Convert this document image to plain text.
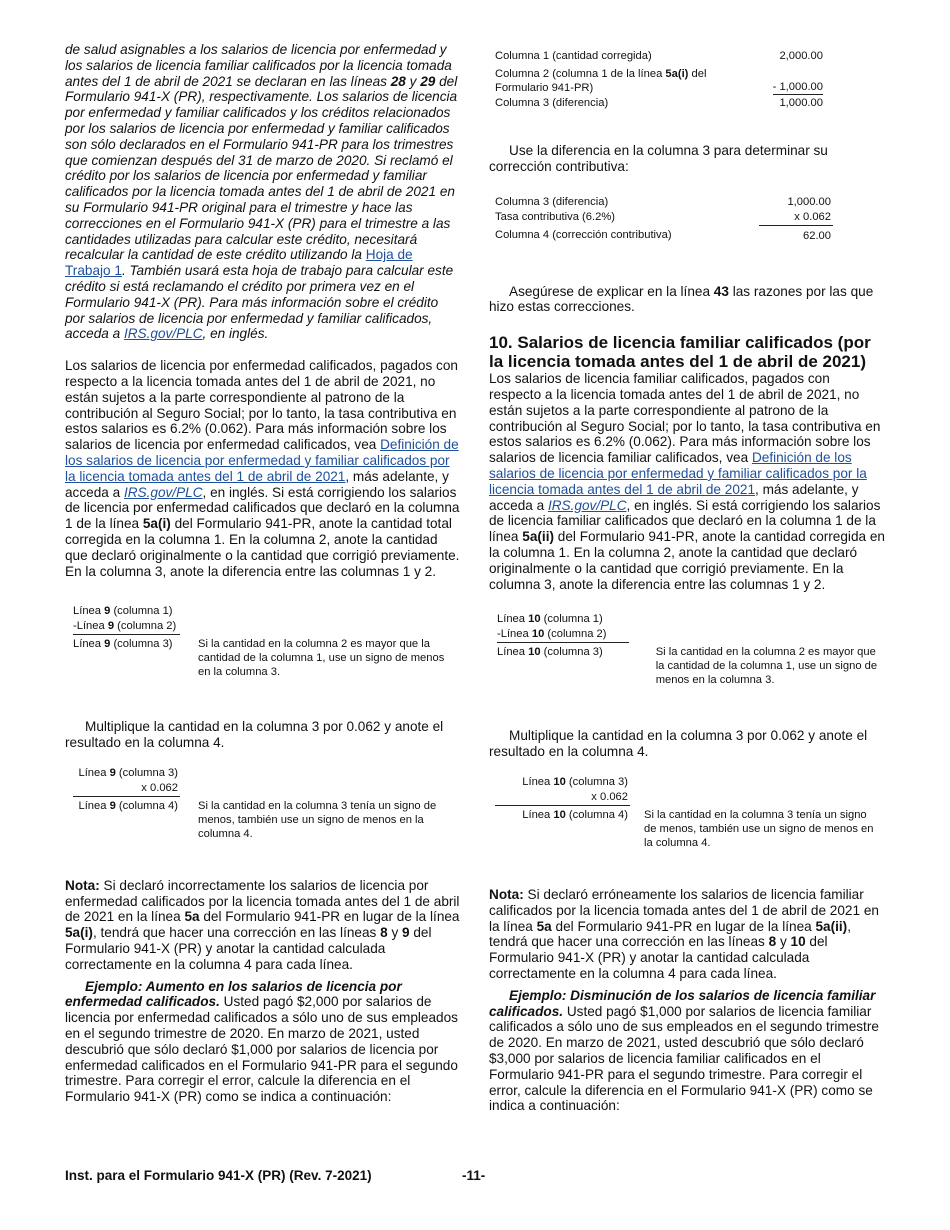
de salud asignables a los salarios de licencia por enfermedad y los salarios de licencia familiar calificados por la licencia tomada antes del 1 de abril de 2021 se declaran en las líneas 28 y 29 del Formulario 941-X (PR), respectivamente. Los salarios de licencia por enfermedad y familiar calificados y los créditos relacionados por los salarios de licencia por enfermedad y familiar calificados son sólo declarados en el Formulario 941-PR para los trimestres que comienzan después del 31 de marzo de 2020. Si reclamó el crédito por los salarios de licencia por enfermedad y familiar calificados por la licencia tomada antes del 1 de abril de 2021 en su Formulario 941-PR original para el trimestre y hace las correcciones en el Formulario 941-X (PR) para el trimestre a las cantidades utilizadas para calcular este crédito, necesitará recalcular la cantidad de este crédito utilizando la Hoja de Trabajo 1. También usará esta hoja de trabajo para calcular este crédito si está reclamando el crédito por primera vez en el Formulario 941-X (PR). Para más información sobre el crédito por salarios de licencia por enfermedad y familiar calificados, acceda a IRS.gov/PLC, en inglés.

Los salarios de licencia por enfermedad calificados, pagados con respecto a la licencia tomada antes del 1 de abril de 2021, no están sujetos a la parte correspondiente al patrono de la contribución al Seguro Social; por lo tanto, la tasa contributiva en estos salarios es 6.2% (0.062). Para más información sobre los salarios de licencia por enfermedad calificados, vea Definición de los salarios de licencia por enfermedad y familiar calificados por la licencia tomada antes del 1 de abril de 2021, más adelante, y acceda a IRS.gov/PLC, en inglés. Si está corrigiendo los salarios de licencia por enfermedad calificados que declaró en la columna 1 de la línea 5a(i) del Formulario 941-PR, anote la cantidad total corregida en la columna 1. En la columna 2, anote la cantidad que declaró originalmente o la cantidad que corrigió previamente. En la columna 3, anote la diferencia entre las columnas 1 y 2.

Línea 9 (columna 1)	
-Línea 9 (columna 2)	
Línea 9 (columna 3)	Si la cantidad en la columna 2 es mayor que la cantidad de la columna 1, use un signo de menos en la columna 3.

Multiplique la cantidad en la columna 3 por 0.062 y anote el resultado en la columna 4.

Línea 9 (columna 3)	
x 0.062	
Línea 9 (columna 4)	Si la cantidad en la columna 3 tenía un signo de menos, también use un signo de menos en la columna 4.

Nota: Si declaró incorrectamente los salarios de licencia por enfermedad calificados por la licencia tomada antes del 1 de abril de 2021 en la línea 5a del Formulario 941-PR en lugar de la línea 5a(i), tendrá que hacer una corrección en las líneas 8 y 9 del Formulario 941-X (PR) y anotar la cantidad calculada correctamente en la columna 4 para cada línea.

Ejemplo: Aumento en los salarios de licencia por enfermedad calificados. Usted pagó $2,000 por salarios de licencia por enfermedad calificados a sólo uno de sus empleados en el segundo trimestre de 2020. En marzo de 2021, usted descubrió que sólo declaró $1,000 por salarios de licencia por enfermedad calificados en el Formulario 941-PR para el segundo trimestre. Para corregir el error, calcule la diferencia en el Formulario 941-X (PR) como se indica a continuación:

Columna 1 (cantidad corregida)	2,000.00
Columna 2 (columna 1 de la línea 5a(i) del
Formulario 941-PR)	- 1,000.00
Columna 3 (diferencia)	1,000.00

Use la diferencia en la columna 3 para determinar su corrección contributiva:

Columna 3 (diferencia)	1,000.00
Tasa contributiva (6.2%)	x 0.062
Columna 4 (corrección contributiva)	62.00

Asegúrese de explicar en la línea 43 las razones por las que hizo estas correcciones.

10. Salarios de licencia familiar calificados (por la licencia tomada antes del 1 de abril de 2021)

Los salarios de licencia familiar calificados, pagados con respecto a la licencia tomada antes del 1 de abril de 2021, no están sujetos a la parte correspondiente al patrono de la contribución al Seguro Social; por lo tanto, la tasa contributiva en estos salarios es 6.2% (0.062). Para más información sobre los salarios de licencia familiar calificados, vea Definición de los salarios de licencia por enfermedad y familiar calificados por la licencia tomada antes del 1 de abril de 2021, más adelante, y acceda a IRS.gov/PLC, en inglés. Si está corrigiendo los salarios de licencia familiar calificados que declaró en la columna 1 de la línea 5a(ii) del Formulario 941-PR, anote la cantidad corregida en la columna 1. En la columna 2, anote la cantidad que declaró originalmente o la cantidad que corrigió previamente. En la columna 3, anote la diferencia entre las columnas 1 y 2.

Línea 10 (columna 1)	
-Línea 10 (columna 2)	
Línea 10 (columna 3)	Si la cantidad en la columna 2 es mayor que la cantidad de la columna 1, use un signo de menos en la columna 3.

Multiplique la cantidad en la columna 3 por 0.062 y anote el resultado en la columna 4.

Línea 10 (columna 3)	
x 0.062	
Línea 10 (columna 4)	Si la cantidad en la columna 3 tenía un signo de menos, también use un signo de menos en la columna 4.

Nota: Si declaró erróneamente los salarios de licencia familiar calificados por la licencia tomada antes del 1 de abril de 2021 en la línea 5a del Formulario 941-PR en lugar de la línea 5a(ii), tendrá que hacer una corrección en las líneas 8 y 10 del Formulario 941-X (PR) y anotar la cantidad calculada correctamente en la columna 4 para cada línea.

Ejemplo: Disminución de los salarios de licencia familiar calificados. Usted pagó $1,000 por salarios de licencia familiar calificados a sólo uno de sus empleados en el segundo trimestre de 2020. En marzo de 2021, usted descubrió que sólo declaró $3,000 por salarios de licencia familiar calificados en el Formulario 941-PR para el segundo trimestre. Para corregir el error, calcule la diferencia en el Formulario 941-X (PR) como se indica a continuación:

Inst. para el Formulario 941-X (PR) (Rev. 7-2021)	-11-
